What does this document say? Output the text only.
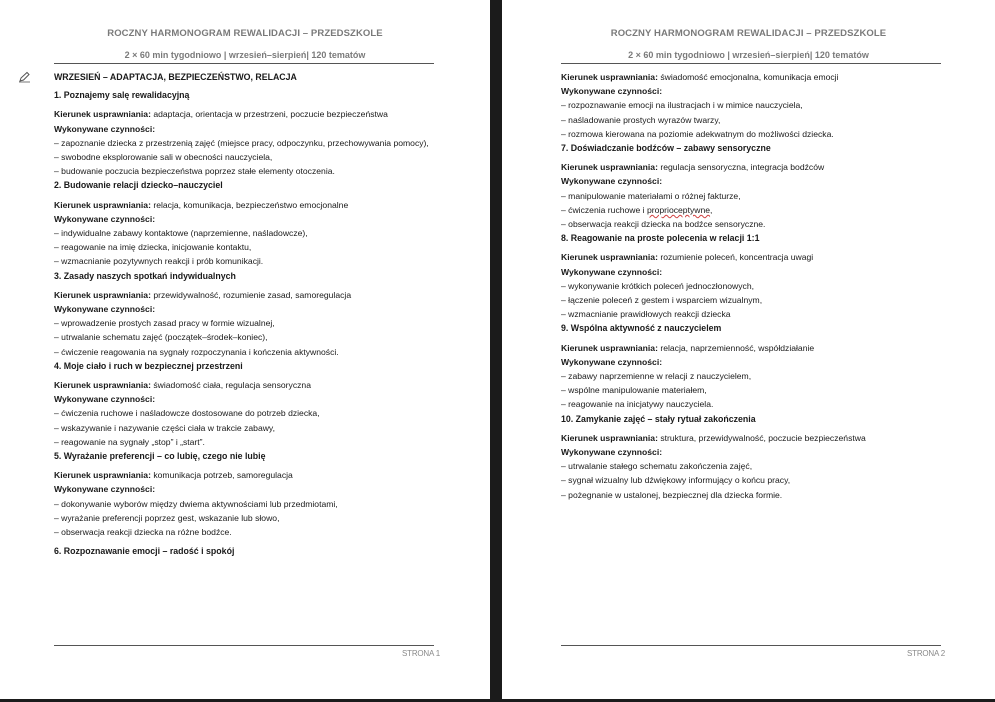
ROCZNY HARMONOGRAM REWALIDACJI – PRZEDSZKOLE
2 × 60 min tygodniowo | wrzesień–sierpień| 120 tematów
WRZESIEŃ – ADAPTACJA, BEZPIECZEŃSTWO, RELACJA
1. Poznajemy salę rewalidacyjną
Kierunek usprawniania: adaptacja, orientacja w przestrzeni, poczucie bezpieczeństwa
Wykonywane czynności:
– zapoznanie dziecka z przestrzenią zajęć (miejsce pracy, odpoczynku, przechowywania pomocy),
– swobodne eksplorowanie sali w obecności nauczyciela,
– budowanie poczucia bezpieczeństwa poprzez stałe elementy otoczenia.
2. Budowanie relacji dziecko–nauczyciel
Kierunek usprawniania: relacja, komunikacja, bezpieczeństwo emocjonalne
Wykonywane czynności:
– indywidualne zabawy kontaktowe (naprzemienne, naśladowcze),
– reagowanie na imię dziecka, inicjowanie kontaktu,
– wzmacnianie pozytywnych reakcji i prób komunikacji.
3. Zasady naszych spotkań indywidualnych
Kierunek usprawniania: przewidywalność, rozumienie zasad, samoregulacja
Wykonywane czynności:
– wprowadzenie prostych zasad pracy w formie wizualnej,
– utrwalanie schematu zajęć (początek–środek–koniec),
– ćwiczenie reagowania na sygnały rozpoczynania i kończenia aktywności.
4. Moje ciało i ruch w bezpiecznej przestrzeni
Kierunek usprawniania: świadomość ciała, regulacja sensoryczna
Wykonywane czynności:
– ćwiczenia ruchowe i naśladowcze dostosowane do potrzeb dziecka,
– wskazywanie i nazywanie części ciała w trakcie zabawy,
– reagowanie na sygnały „stop” i „start”.
5. Wyrażanie preferencji – co lubię, czego nie lubię
Kierunek usprawniania: komunikacja potrzeb, samoregulacja
Wykonywane czynności:
– dokonywanie wyborów między dwiema aktywnościami lub przedmiotami,
– wyrażanie preferencji poprzez gest, wskazanie lub słowo,
– obserwacja reakcji dziecka na różne bodźce.
6. Rozpoznawanie emocji – radość i spokój
STRONA 1
ROCZNY HARMONOGRAM REWALIDACJI – PRZEDSZKOLE
2 × 60 min tygodniowo | wrzesień–sierpień| 120 tematów
Kierunek usprawniania: świadomość emocjonalna, komunikacja emocji
Wykonywane czynności:
– rozpoznawanie emocji na ilustracjach i w mimice nauczyciela,
– naśladowanie prostych wyrazów twarzy,
– rozmowa kierowana na poziomie adekwatnym do możliwości dziecka.
7. Doświadczanie bodźców – zabawy sensoryczne
Kierunek usprawniania: regulacja sensoryczna, integracja bodźców
Wykonywane czynności:
– manipulowanie materiałami o różnej fakturze,
– ćwiczenia ruchowe i proprioceptywne,
– obserwacja reakcji dziecka na bodźce sensoryczne.
8. Reagowanie na proste polecenia w relacji 1:1
Kierunek usprawniania: rozumienie poleceń, koncentracja uwagi
Wykonywane czynności:
– wykonywanie krótkich poleceń jednoczłonowych,
– łączenie poleceń z gestem i wsparciem wizualnym,
– wzmacnianie prawidłowych reakcji dziecka
9. Wspólna aktywność z nauczycielem
Kierunek usprawniania: relacja, naprzemienność, współdziałanie
Wykonywane czynności:
– zabawy naprzemienne w relacji z nauczycielem,
– wspólne manipulowanie materiałem,
– reagowanie na inicjatywy nauczyciela.
10. Zamykanie zajęć – stały rytuał zakończenia
Kierunek usprawniania: struktura, przewidywalność, poczucie bezpieczeństwa
Wykonywane czynności:
– utrwalanie stałego schematu zakończenia zajęć,
– sygnał wizualny lub dźwiękowy informujący o końcu pracy,
– pożegnanie w ustalonej, bezpiecznej dla dziecka formie.
STRONA 2
